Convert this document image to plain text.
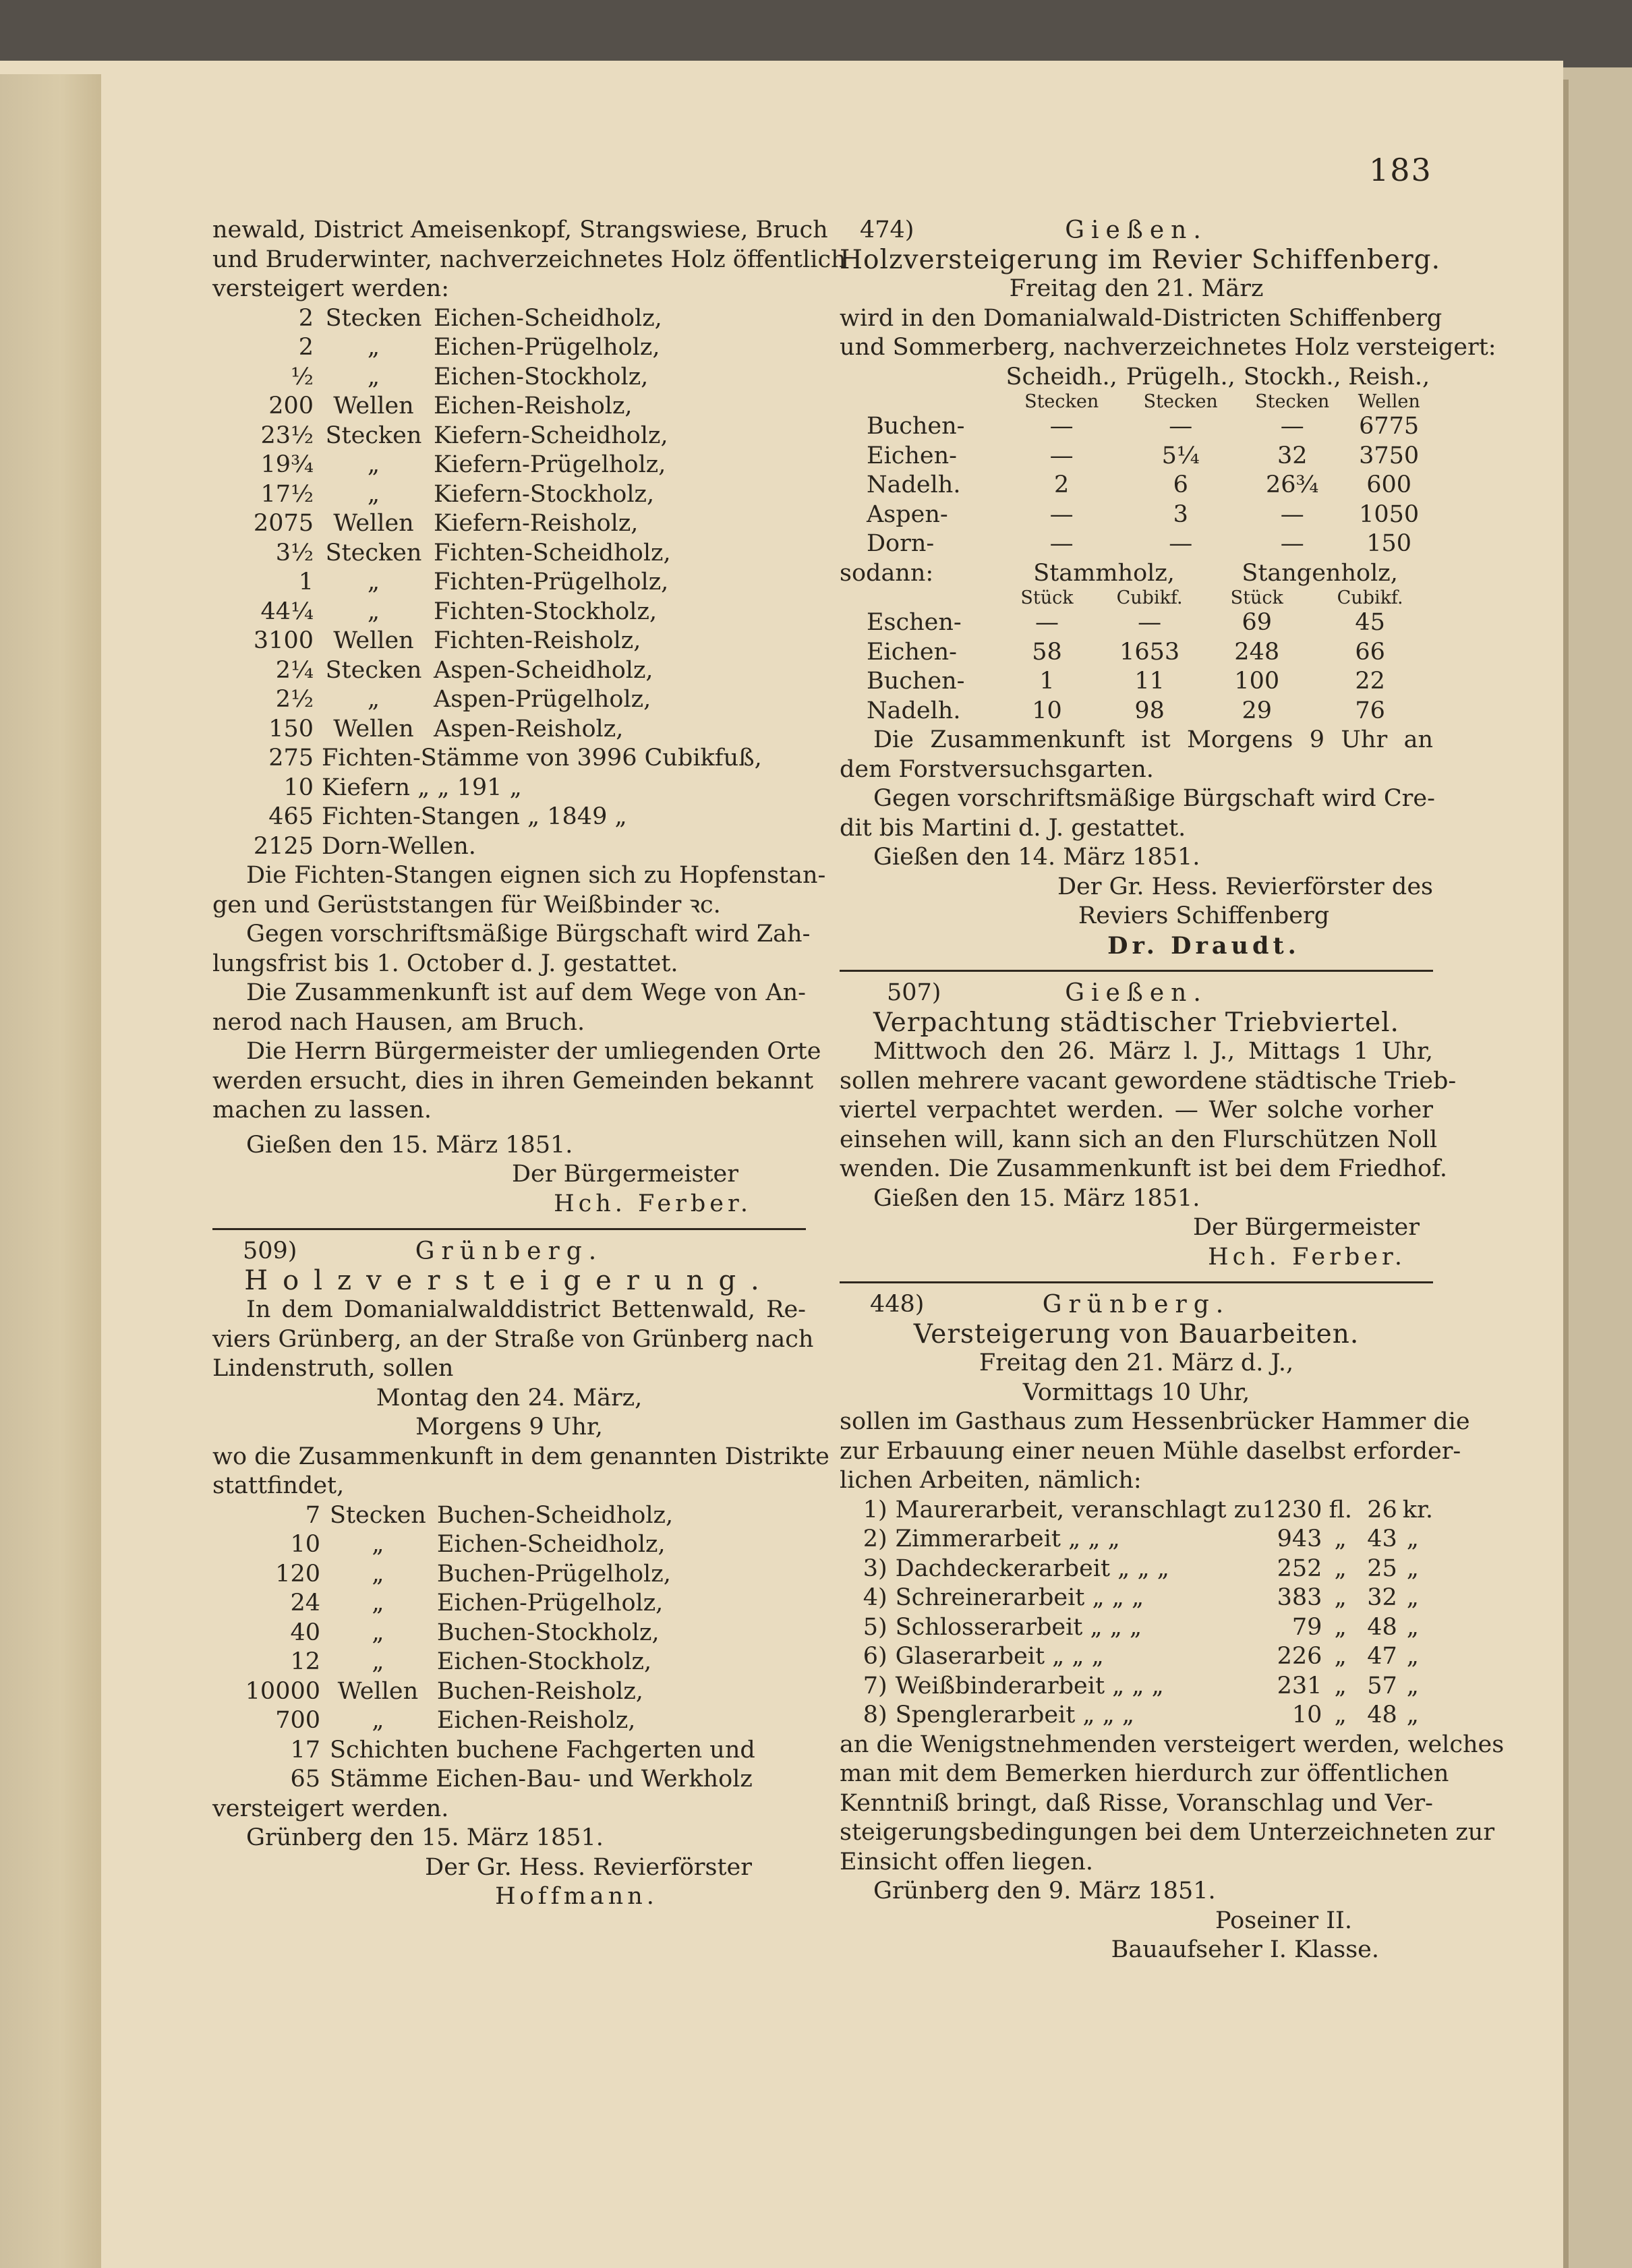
183
newald, District Ameisenkopf, Strangswiese, Bruch
und Bruderwinter, nachverzeichnetes Holz öffentlich
versteigert werden:
2	Stecken	Eichen-Scheidholz,
2	„	Eichen-Prügelholz,
½	„	Eichen-Stockholz,
200	Wellen	Eichen-Reisholz,
23½	Stecken	Kiefern-Scheidholz,
19¾	„	Kiefern-Prügelholz,
17½	„	Kiefern-Stockholz,
2075	Wellen	Kiefern-Reisholz,
3½	Stecken	Fichten-Scheidholz,
1	„	Fichten-Prügelholz,
44¼	„	Fichten-Stockholz,
3100	Wellen	Fichten-Reisholz,
2¼	Stecken	Aspen-Scheidholz,
2½	„	Aspen-Prügelholz,
150	Wellen	Aspen-Reisholz,
275	Fichten-Stämme von 3996 Cubikfuß,
10	Kiefern „ „ 191 „
465	Fichten-Stangen „ 1849 „
2125	Dorn-Wellen.
Die Fichten-Stangen eignen sich zu Hopfenstan-
gen und Gerüststangen für Weißbinder ꝛc.
Gegen vorschriftsmäßige Bürgschaft wird Zah-
lungsfrist bis 1. October d. J. gestattet.
Die Zusammenkunft ist auf dem Wege von An-
nerod nach Hausen, am Bruch.
Die Herrn Bürgermeister der umliegenden Orte
werden ersucht, dies in ihren Gemeinden bekannt
machen zu lassen.
Gießen den 15. März 1851.
Der Bürgermeister
Hch. Ferber.
509)	Grünberg.
Holzversteigerung.
In dem Domanialwalddistrict Bettenwald, Re-
viers Grünberg, an der Straße von Grünberg nach
Lindenstruth, sollen
Montag den 24. März,
Morgens 9 Uhr,
wo die Zusammenkunft in dem genannten Distrikte
stattfindet,
7	Stecken	Buchen-Scheidholz,
10	„	Eichen-Scheidholz,
120	„	Buchen-Prügelholz,
24	„	Eichen-Prügelholz,
40	„	Buchen-Stockholz,
12	„	Eichen-Stockholz,
10000	Wellen	Buchen-Reisholz,
700	„	Eichen-Reisholz,
17	Schichten buchene Fachgerten und
65	Stämme Eichen-Bau- und Werkholz
versteigert werden.
Grünberg den 15. März 1851.
Der Gr. Hess. Revierförster
Hoffmann.
474)	Gießen.
Holzversteigerung im Revier Schiffenberg.
Freitag den 21. März
wird in den Domanialwald-Districten Schiffenberg
und Sommerberg, nachverzeichnetes Holz versteigert:
	Scheidh.,	Prügelh.,	Stockh.,	Reish.,
	Stecken	Stecken	Stecken	Wellen
Buchen-	—	—	—	6775
Eichen-	—	5¼	32	3750
Nadelh.	2	6	26¾	600
Aspen-	—	3	—	1050
Dorn-	—	—	—	150
sodann:	Stammholz,		Stangenholz,	
	Stück	Cubikf.	Stück	Cubikf.
Eschen-	—	—	69	45
Eichen-	58	1653	248	66
Buchen-	1	11	100	22
Nadelh.	10	98	29	76
Die Zusammenkunft ist Morgens 9 Uhr an
dem Forstversuchsgarten.
Gegen vorschriftsmäßige Bürgschaft wird Cre-
dit bis Martini d. J. gestattet.
Gießen den 14. März 1851.
Der Gr. Hess. Revierförster des
Reviers Schiffenberg
Dr. Draudt.
507)	Gießen.
Verpachtung städtischer Triebviertel.
Mittwoch den 26. März l. J., Mittags 1 Uhr,
sollen mehrere vacant gewordene städtische Trieb-
viertel verpachtet werden. — Wer solche vorher
einsehen will, kann sich an den Flurschützen Noll
wenden. Die Zusammenkunft ist bei dem Friedhof.
Gießen den 15. März 1851.
Der Bürgermeister
Hch. Ferber.
448)	Grünberg.
Versteigerung von Bauarbeiten.
Freitag den 21. März d. J.,
Vormittags 10 Uhr,
sollen im Gasthaus zum Hessenbrücker Hammer die
zur Erbauung einer neuen Mühle daselbst erforder-
lichen Arbeiten, nämlich:
1)	Maurerarbeit, veranschlagt zu	1230	fl.	26	kr.
2)	Zimmerarbeit „ „ „	943	„	43	„
3)	Dachdeckerarbeit „ „ „	252	„	25	„
4)	Schreinerarbeit „ „ „	383	„	32	„
5)	Schlosserarbeit „ „ „	79	„	48	„
6)	Glaserarbeit „ „ „	226	„	47	„
7)	Weißbinderarbeit „ „ „	231	„	57	„
8)	Spenglerarbeit „ „ „	10	„	48	„
an die Wenigstnehmenden versteigert werden, welches
man mit dem Bemerken hierdurch zur öffentlichen
Kenntniß bringt, daß Risse, Voranschlag und Ver-
steigerungsbedingungen bei dem Unterzeichneten zur
Einsicht offen liegen.
Grünberg den 9. März 1851.
Poseiner II.
Bauaufseher I. Klasse.
